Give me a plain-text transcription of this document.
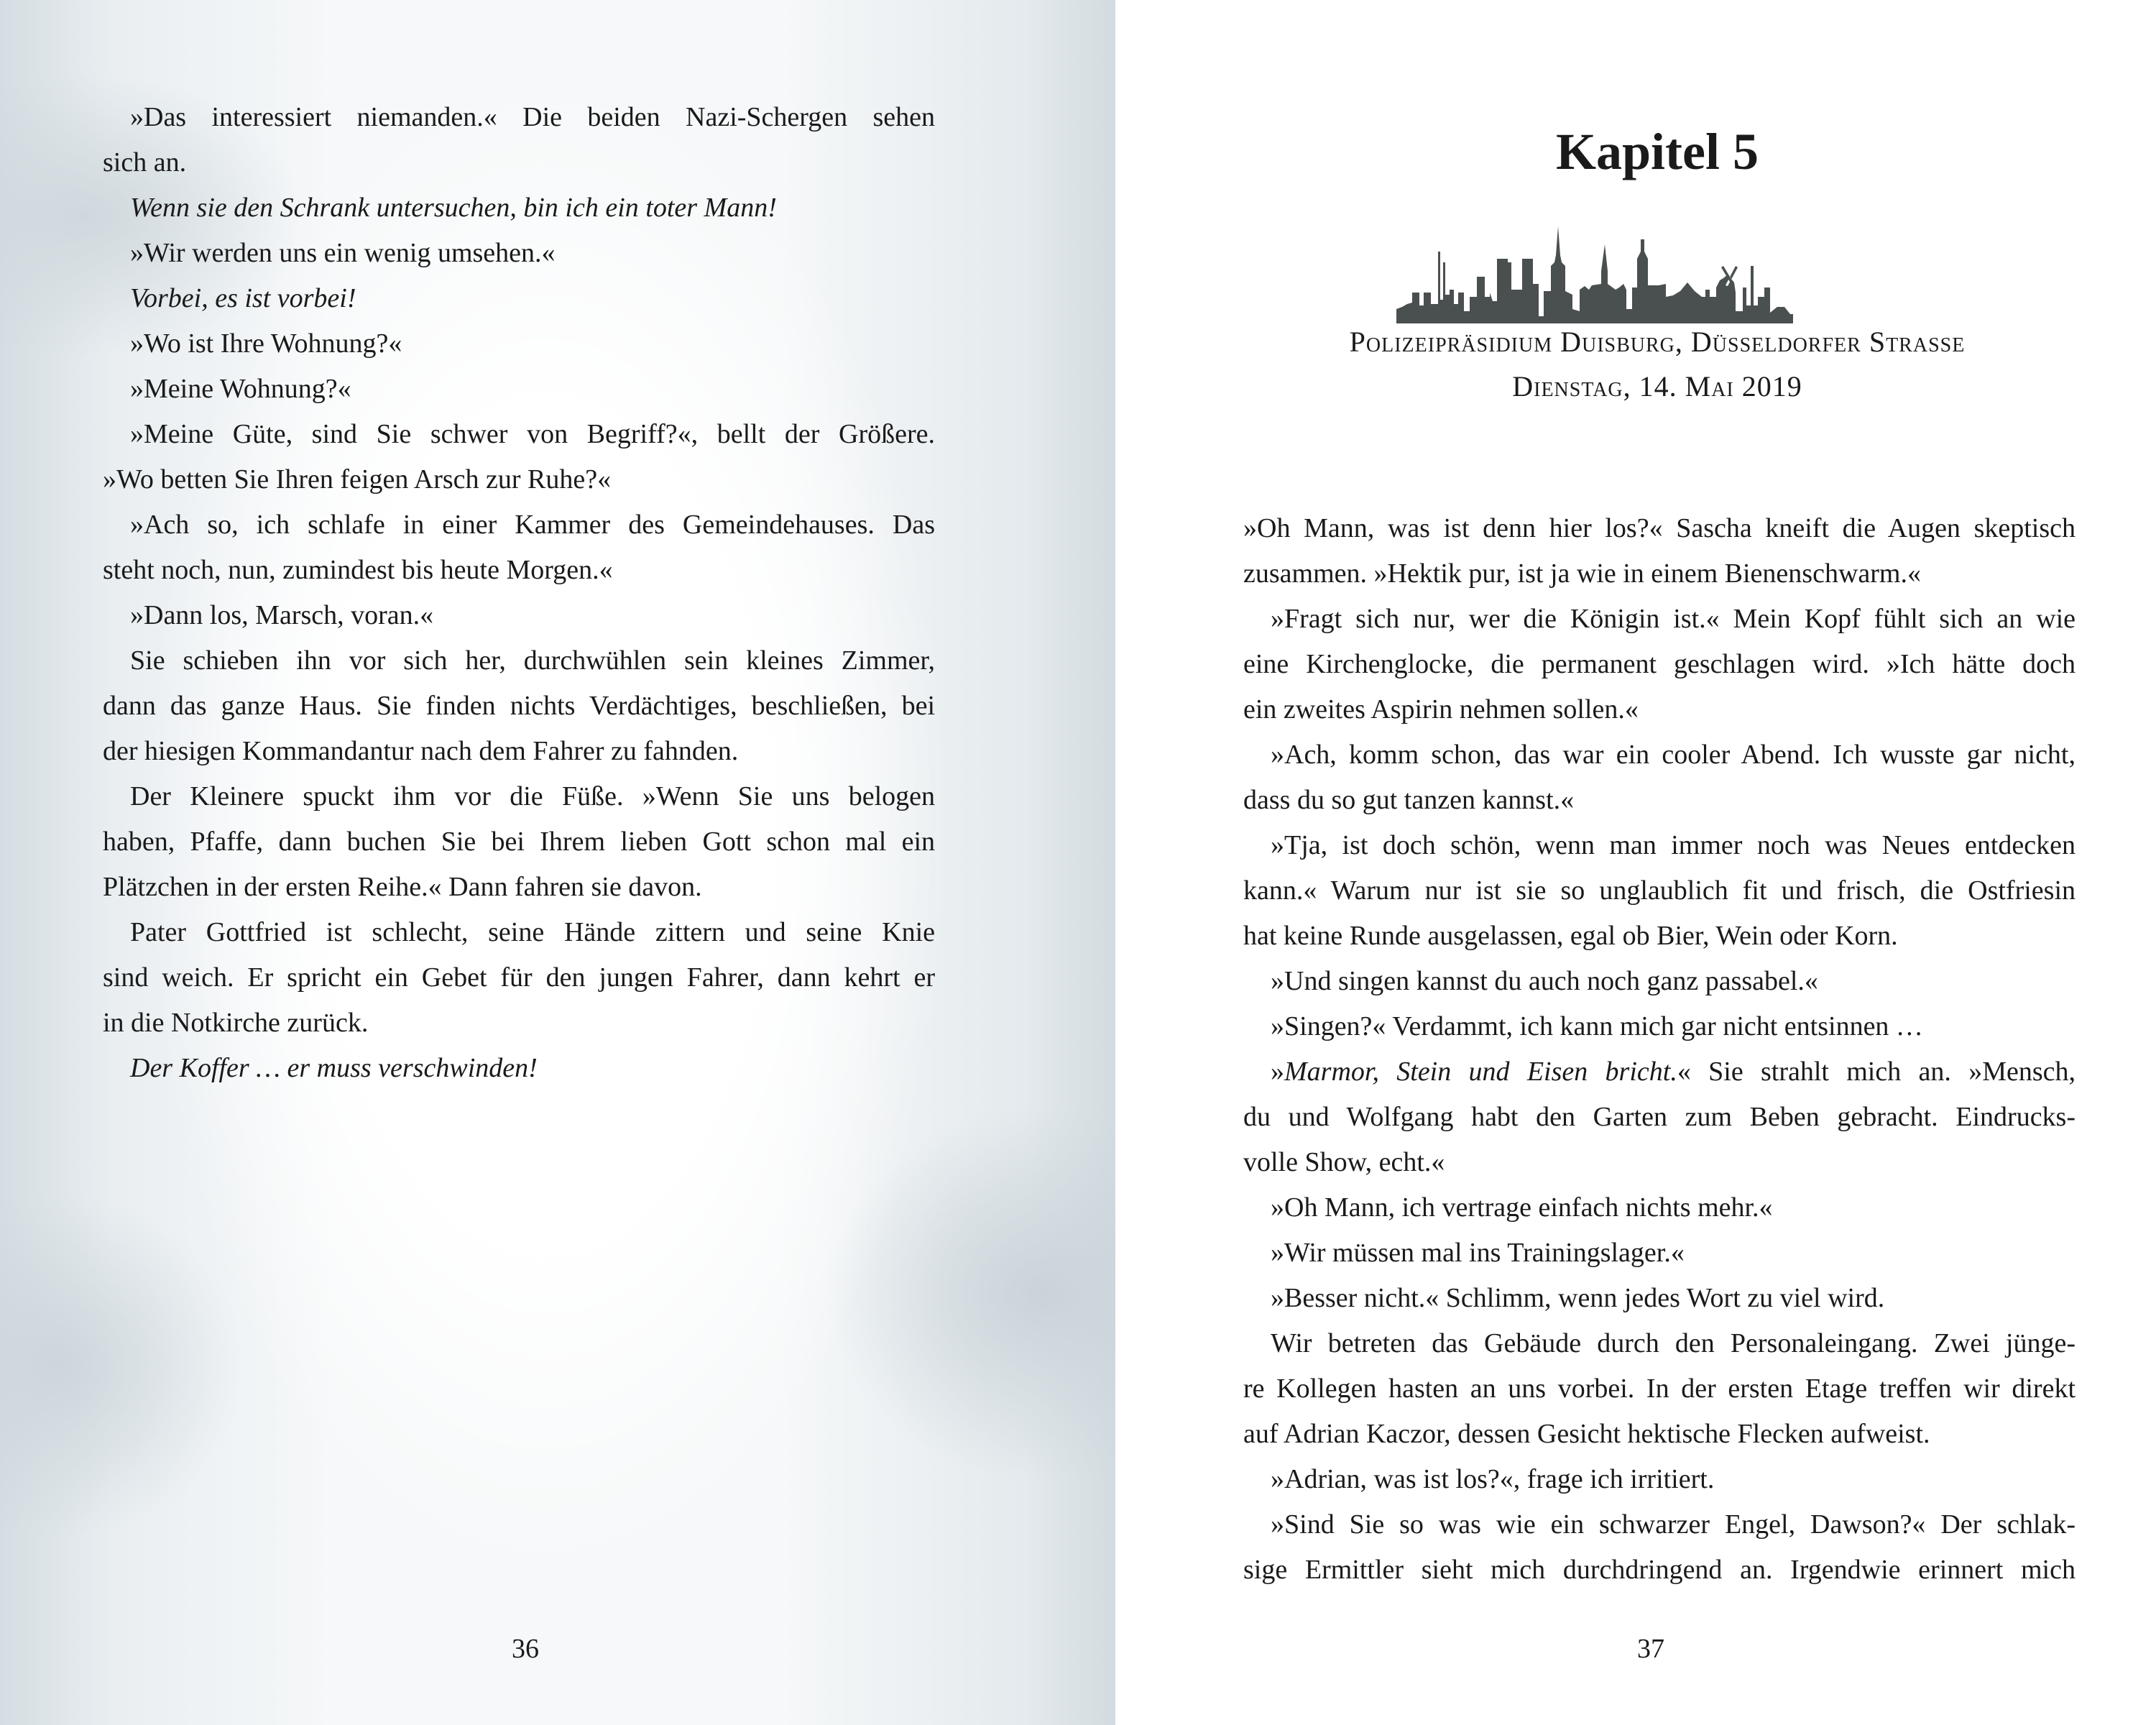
»Das interessiert niemanden.« Die beiden Nazi-Schergen sehen
sich an.
Wenn sie den Schrank untersuchen, bin ich ein toter Mann!
»Wir werden uns ein wenig umsehen.«
Vorbei, es ist vorbei!
»Wo ist Ihre Wohnung?«
»Meine Wohnung?«
»Meine Güte, sind Sie schwer von Begriff?«, bellt der Größere.
»Wo betten Sie Ihren feigen Arsch zur Ruhe?«
»Ach so, ich schlafe in einer Kammer des Gemeindehauses. Das
steht noch, nun, zumindest bis heute Morgen.«
»Dann los, Marsch, voran.«
Sie schieben ihn vor sich her, durchwühlen sein kleines Zimmer,
dann das ganze Haus. Sie finden nichts Verdächtiges, beschließen, bei
der hiesigen Kommandantur nach dem Fahrer zu fahnden.
Der Kleinere spuckt ihm vor die Füße. »Wenn Sie uns belogen
haben, Pfaffe, dann buchen Sie bei Ihrem lieben Gott schon mal ein
Plätzchen in der ersten Reihe.« Dann fahren sie davon.
Pater Gottfried ist schlecht, seine Hände zittern und seine Knie
sind weich. Er spricht ein Gebet für den jungen Fahrer, dann kehrt er
in die Notkirche zurück.
Der Koffer … er muss verschwinden!
36
Kapitel 5
Polizeipräsidium Duisburg, Düsseldorfer Strasse
Dienstag, 14. Mai 2019
»Oh Mann, was ist denn hier los?« Sascha kneift die Augen skeptisch
zusammen. »Hektik pur, ist ja wie in einem Bienenschwarm.«
»Fragt sich nur, wer die Königin ist.« Mein Kopf fühlt sich an wie
eine Kirchenglocke, die permanent geschlagen wird. »Ich hätte doch
ein zweites Aspirin nehmen sollen.«
»Ach, komm schon, das war ein cooler Abend. Ich wusste gar nicht,
dass du so gut tanzen kannst.«
»Tja, ist doch schön, wenn man immer noch was Neues entdecken
kann.« Warum nur ist sie so unglaublich fit und frisch, die Ostfriesin
hat keine Runde ausgelassen, egal ob Bier, Wein oder Korn.
»Und singen kannst du auch noch ganz passabel.«
»Singen?« Verdammt, ich kann mich gar nicht entsinnen …
»Marmor, Stein und Eisen bricht.« Sie strahlt mich an. »Mensch,
du und Wolfgang habt den Garten zum Beben gebracht. Eindrucks-
volle Show, echt.«
»Oh Mann, ich vertrage einfach nichts mehr.«
»Wir müssen mal ins Trainingslager.«
»Besser nicht.« Schlimm, wenn jedes Wort zu viel wird.
Wir betreten das Gebäude durch den Personaleingang. Zwei jünge-
re Kollegen hasten an uns vorbei. In der ersten Etage treffen wir direkt
auf Adrian Kaczor, dessen Gesicht hektische Flecken aufweist.
»Adrian, was ist los?«, frage ich irritiert.
»Sind Sie so was wie ein schwarzer Engel, Dawson?« Der schlak-
sige Ermittler sieht mich durchdringend an. Irgendwie erinnert mich
37
